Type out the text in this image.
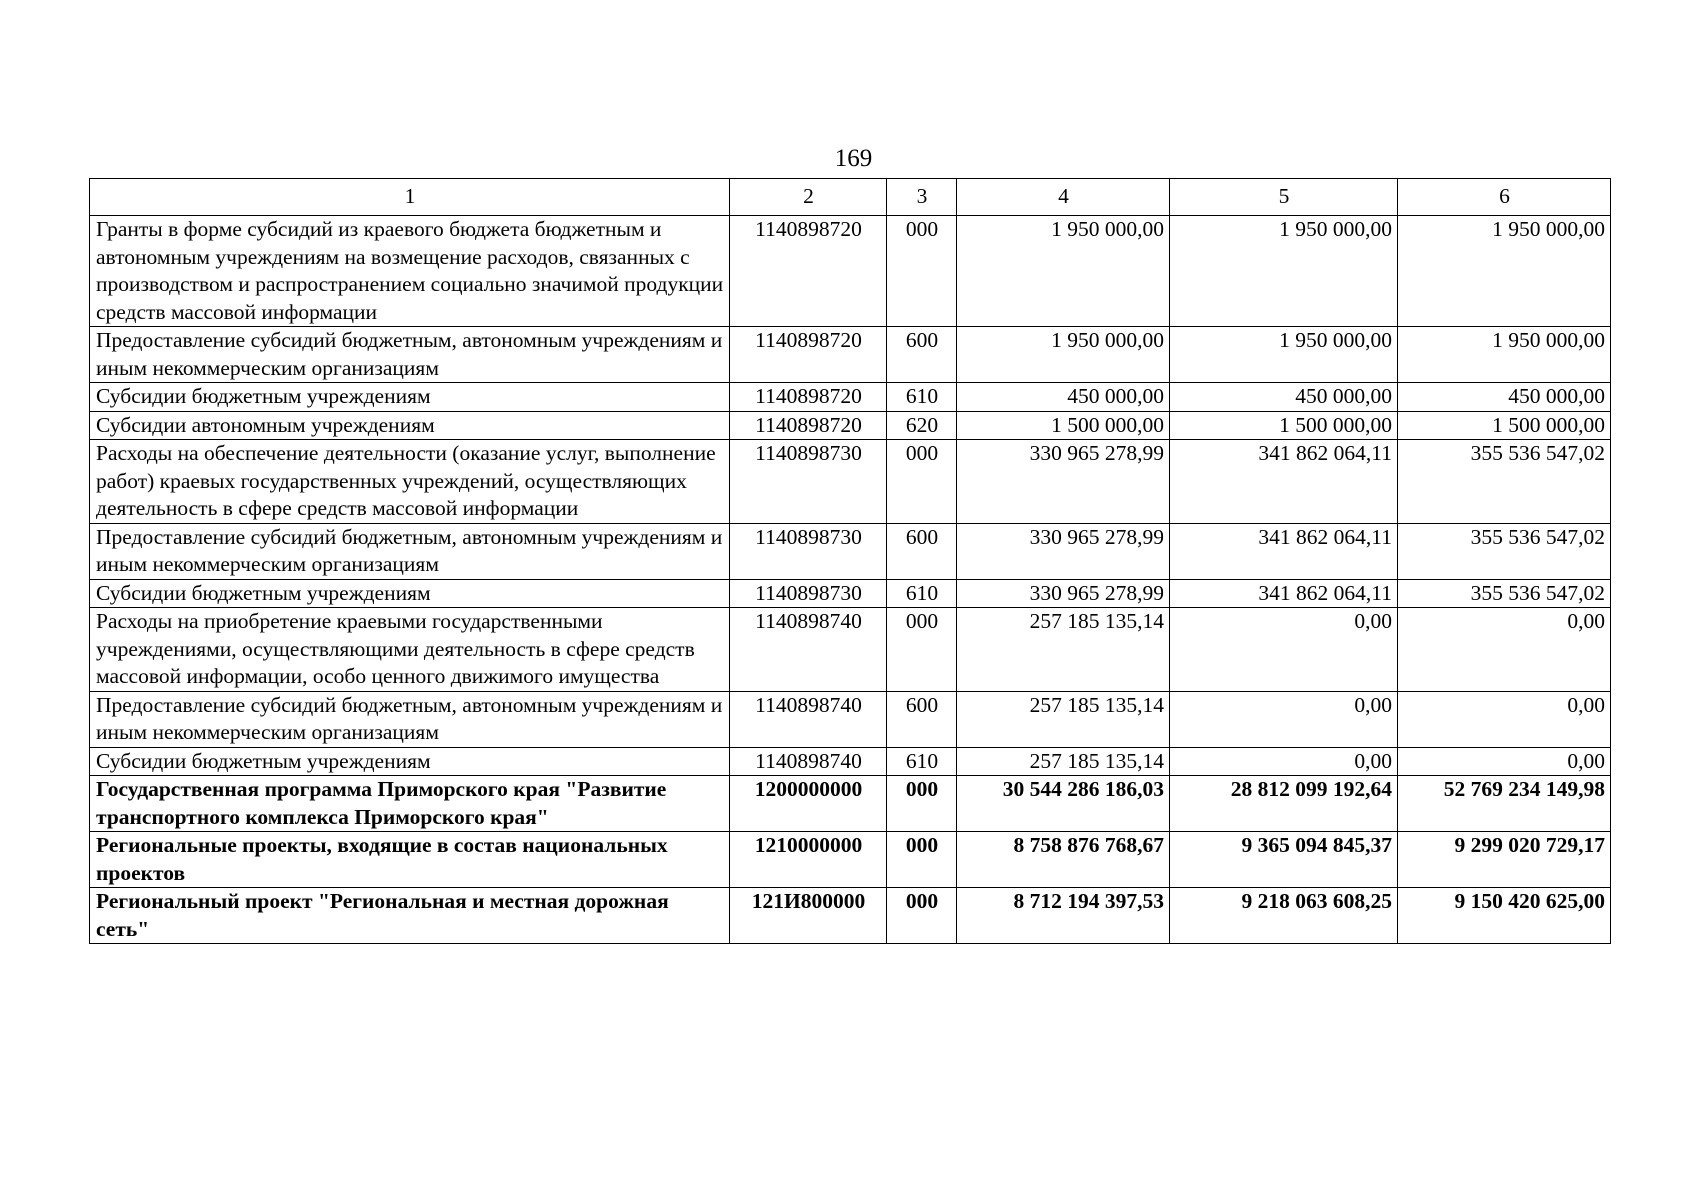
169
1	2	3	4	5	6
Гранты в форме субсидий из краевого бюджета бюджетным и автономным учреждениям на возмещение расходов, связанных с производством и распространением социально значимой продукции средств массовой информации	1140898720	000	1 950 000,00	1 950 000,00	1 950 000,00
Предоставление субсидий бюджетным, автономным учреждениям и иным некоммерческим организациям	1140898720	600	1 950 000,00	1 950 000,00	1 950 000,00
Субсидии бюджетным учреждениям	1140898720	610	450 000,00	450 000,00	450 000,00
Субсидии автономным учреждениям	1140898720	620	1 500 000,00	1 500 000,00	1 500 000,00
Расходы на обеспечение деятельности (оказание услуг, выполнение работ) краевых государственных учреждений, осуществляющих деятельность в сфере средств массовой информации	1140898730	000	330 965 278,99	341 862 064,11	355 536 547,02
Предоставление субсидий бюджетным, автономным учреждениям и иным некоммерческим организациям	1140898730	600	330 965 278,99	341 862 064,11	355 536 547,02
Субсидии бюджетным учреждениям	1140898730	610	330 965 278,99	341 862 064,11	355 536 547,02
Расходы на приобретение краевыми государственными учреждениями, осуществляющими деятельность в сфере средств массовой информации, особо ценного движимого имущества	1140898740	000	257 185 135,14	0,00	0,00
Предоставление субсидий бюджетным, автономным учреждениям и иным некоммерческим организациям	1140898740	600	257 185 135,14	0,00	0,00
Субсидии бюджетным учреждениям	1140898740	610	257 185 135,14	0,00	0,00
Государственная программа Приморского края "Развитие транспортного комплекса Приморского края"	1200000000	000	30 544 286 186,03	28 812 099 192,64	52 769 234 149,98
Региональные проекты, входящие в состав национальных проектов	1210000000	000	8 758 876 768,67	9 365 094 845,37	9 299 020 729,17
Региональный проект "Региональная и местная дорожная сеть"	121И800000	000	8 712 194 397,53	9 218 063 608,25	9 150 420 625,00
